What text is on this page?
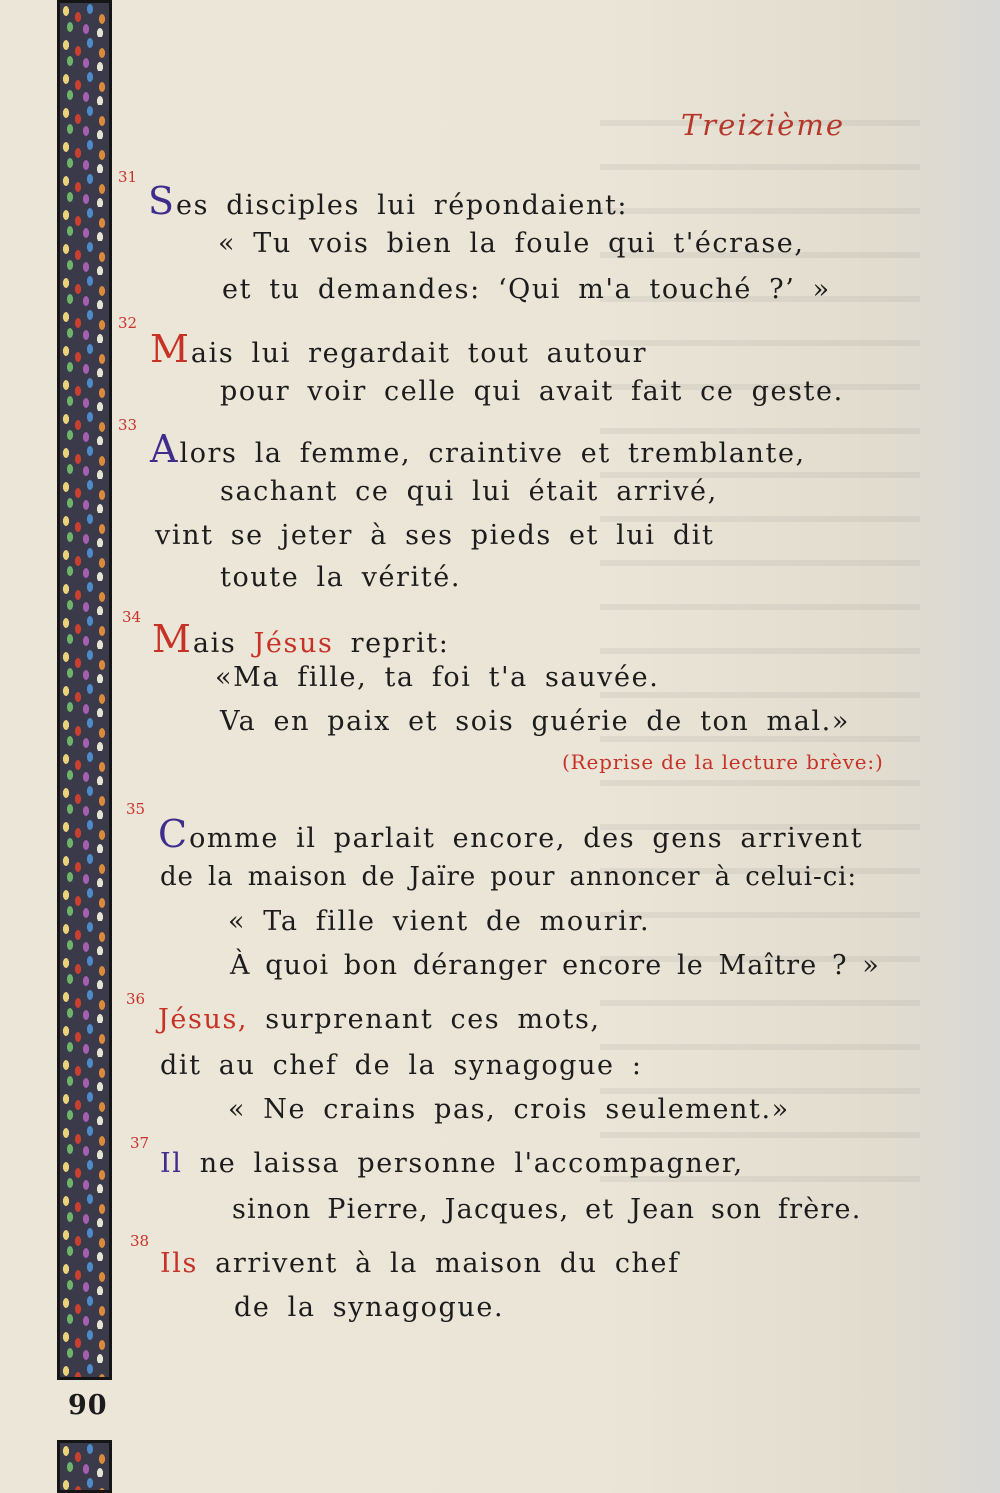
Treizième
90
31
Ses disciples lui répondaient:
« Tu vois bien la foule qui t'écrase,
et tu demandes: ‘Qui m'a touché ?’ »
32
Mais lui regardait tout autour
pour voir celle qui avait fait ce geste.
33
Alors la femme, craintive et tremblante,
sachant ce qui lui était arrivé,
vint se jeter à ses pieds et lui dit
toute la vérité.
34 Mais Jésus reprit:
«Ma fille, ta foi t'a sauvée.
Va en paix et sois guérie de ton mal.»
(Reprise de la lecture brève:)
35
Comme il parlait encore, des gens arrivent
de la maison de Jaïre pour annoncer à celui-ci:
« Ta fille vient de mourir.
À quoi bon déranger encore le Maître ? »
36
Jésus, surprenant ces mots,
dit au chef de la synagogue :
« Ne crains pas, crois seulement.»
37
Il ne laissa personne l'accompagner,
sinon Pierre, Jacques, et Jean son frère.
38
Ils arrivent à la maison du chef
de la synagogue.
